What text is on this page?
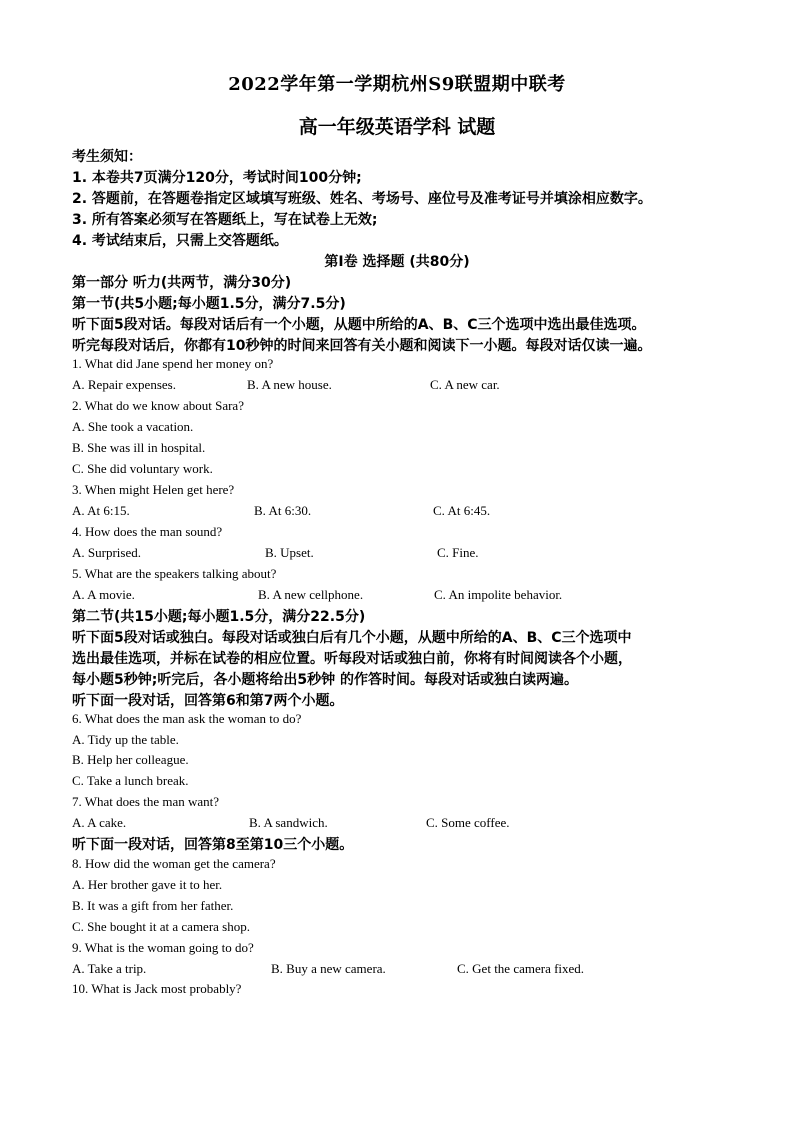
2022学年第一学期杭州S9联盟期中联考
高一年级英语学科 试题
考生须知：
1. 本卷共7页满分120分，考试时间100分钟;
2. 答题前，在答题卷指定区域填写班级、姓名、考场号、座位号及准考证号并填涂相应数字。
3. 所有答案必须写在答题纸上，写在试卷上无效;
4. 考试结束后，只需上交答题纸。
第Ⅰ卷 选择题 (共80分)
第一部分 听力(共两节，满分30分)
第一节(共5小题;每小题1.5分，满分7.5分)
听下面5段对话。每段对话后有一个小题，从题中所给的A、B、C三个选项中选出最佳选项。
听完每段对话后，你都有10秒钟的时间来回答有关小题和阅读下一小题。每段对话仅读一遍。
1. What did Jane spend her money on?
A. Repair expenses.	B. A new house.	C. A new car.
2. What do we know about Sara?
A. She took a vacation.
B. She was ill in hospital.
C. She did voluntary work.
3. When might Helen get here?
A. At 6:15.	B. At 6:30.	C. At 6:45.
4. How does the man sound?
A. Surprised.	B. Upset.	C. Fine.
5. What are the speakers talking about?
A. A movie.	B. A new cellphone.	C. An impolite behavior.
第二节(共15小题;每小题1.5分，满分22.5分)
听下面5段对话或独白。每段对话或独白后有几个小题，从题中所给的A、B、C三个选项中
选出最佳选项，并标在试卷的相应位置。听每段对话或独白前，你将有时间阅读各个小题，
每小题5秒钟;听完后，各小题将给出5秒钟 的作答时间。每段对话或独白读两遍。
听下面一段对话，回答第6和第7两个小题。
6. What does the man ask the woman to do?
A. Tidy up the table.
B. Help her colleague.
C. Take a lunch break.
7. What does the man want?
A. A cake.	B. A sandwich.	C. Some coffee.
听下面一段对话，回答第8至第10三个小题。
8. How did the woman get the camera?
A. Her brother gave it to her.
B. It was a gift from her father.
C. She bought it at a camera shop.
9. What is the woman going to do?
A. Take a trip.	B. Buy a new camera.	C. Get the camera fixed.
10. What is Jack most probably?
